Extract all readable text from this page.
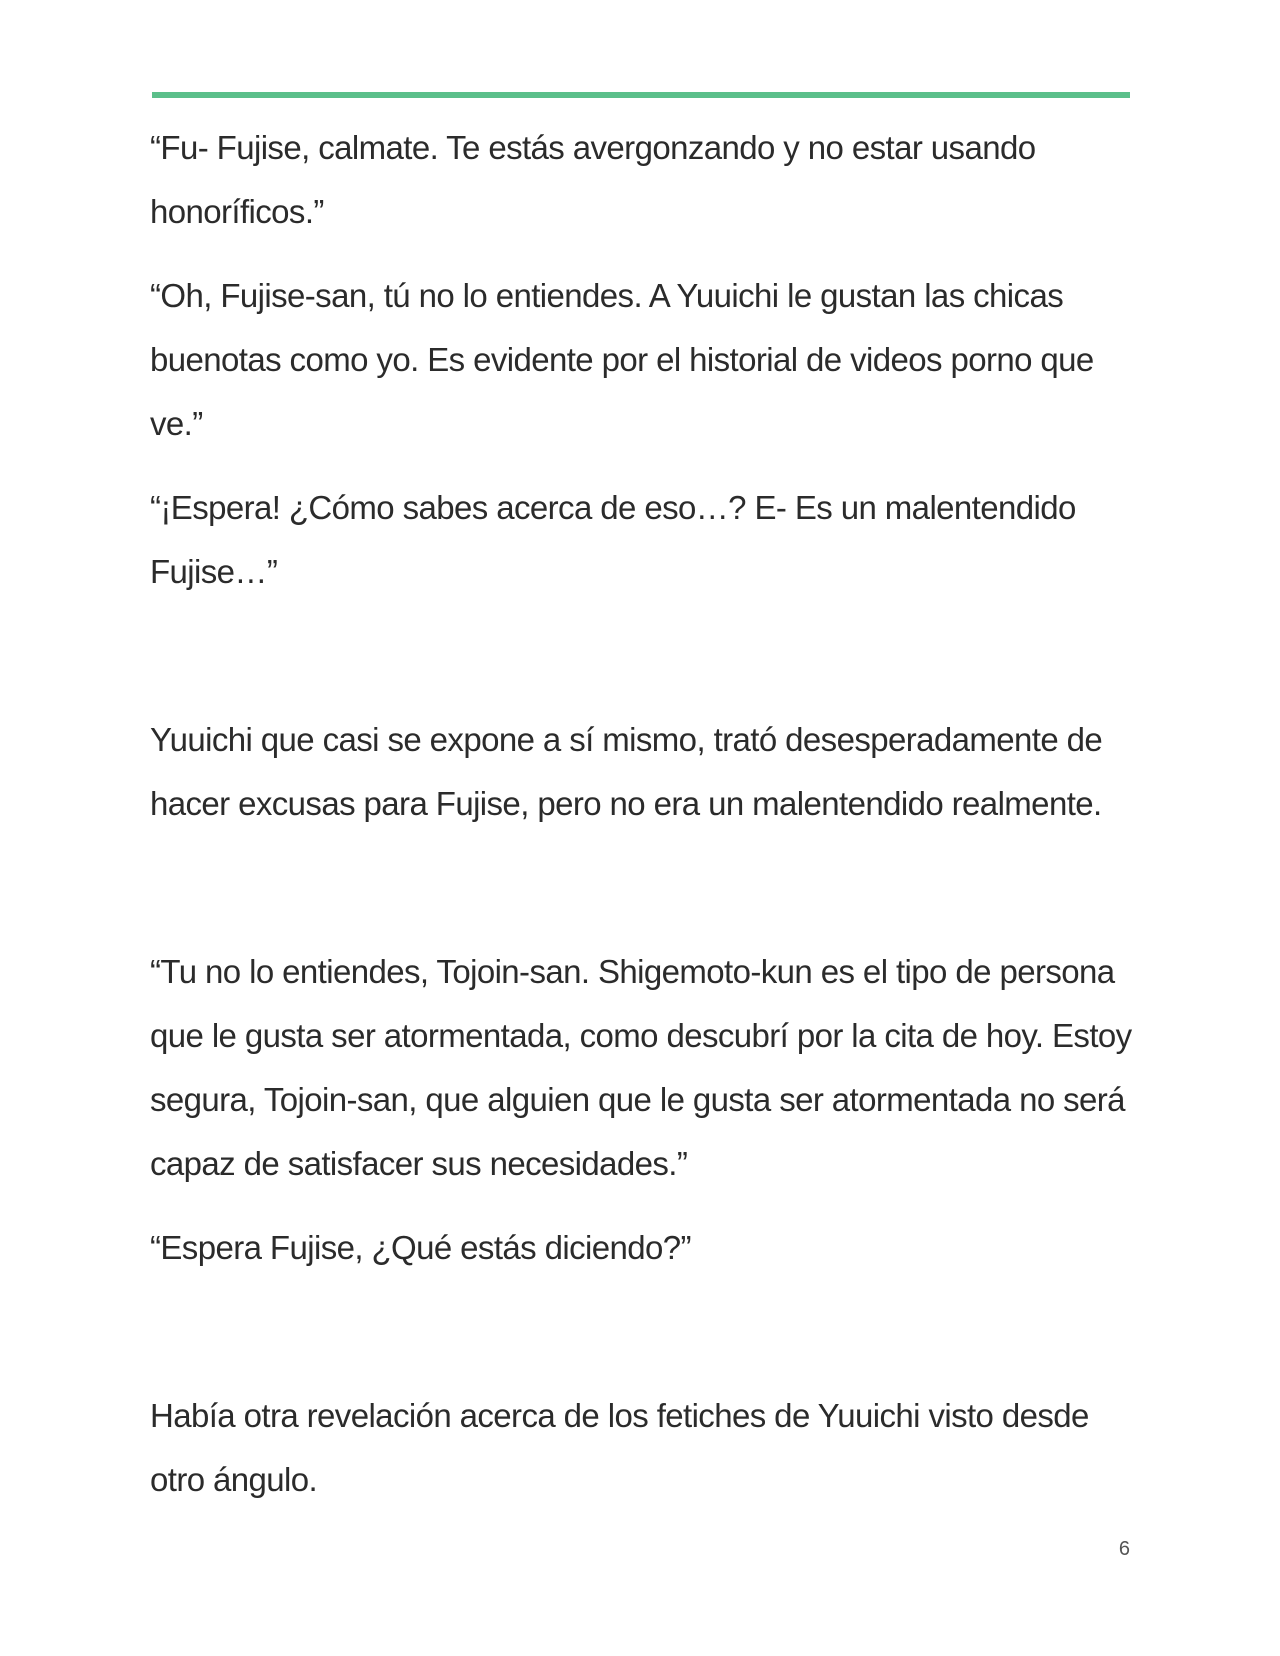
“Fu- Fujise, calmate. Te estás avergonzando y no estar usando honoríficos.”

“Oh, Fujise-san, tú no lo entiendes. A Yuuichi le gustan las chicas buenotas como yo. Es evidente por el historial de videos porno que ve.”

“¡Espera! ¿Cómo sabes acerca de eso…? E- Es un malentendido Fujise…”

Yuuichi que casi se expone a sí mismo, trató desesperadamente de hacer excusas para Fujise, pero no era un malentendido realmente.

“Tu no lo entiendes, Tojoin-san. Shigemoto-kun es el tipo de persona que le gusta ser atormentada, como descubrí por la cita de hoy. Estoy segura, Tojoin-san, que alguien que le gusta ser atormentada no será capaz de satisfacer sus necesidades.”

“Espera Fujise, ¿Qué estás diciendo?”

Había otra revelación acerca de los fetiches de Yuuichi visto desde otro ángulo.

6
